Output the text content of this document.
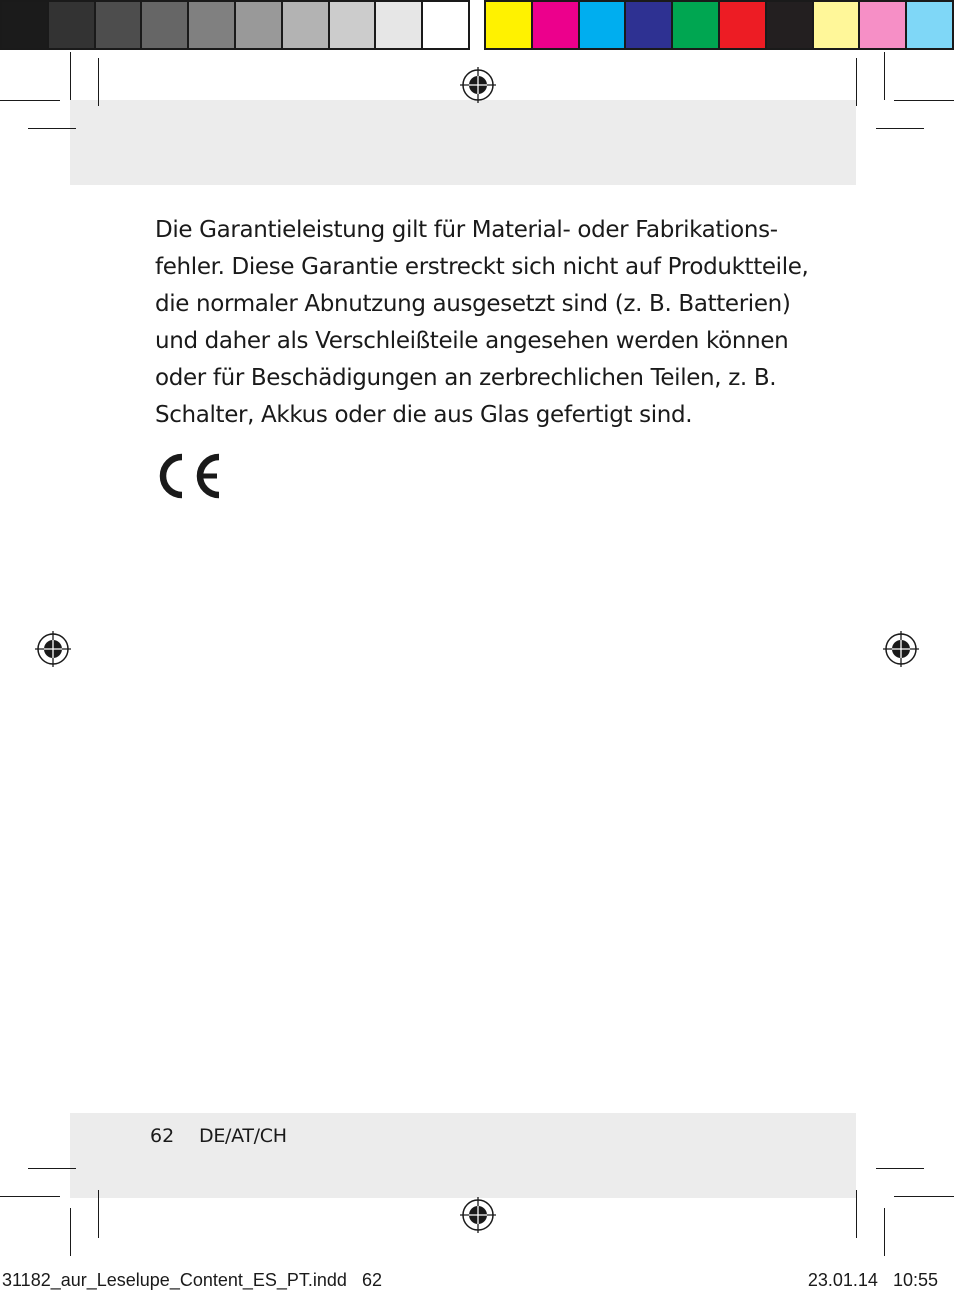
Die Garantieleistung gilt für Material- oder Fabrikations-
fehler. Diese Garantie erstreckt sich nicht auf Produktteile,
die normaler Abnutzung ausgesetzt sind (z. B. Batterien)
und daher als Verschleißteile angesehen werden können
oder für Beschädigungen an zerbrechlichen Teilen, z. B.
Schalter, Akkus oder die aus Glas gefertigt sind.

62 DE/AT/CH
31182_aur_Leselupe_Content_ES_PT.indd   62	23.01.14   10:55
